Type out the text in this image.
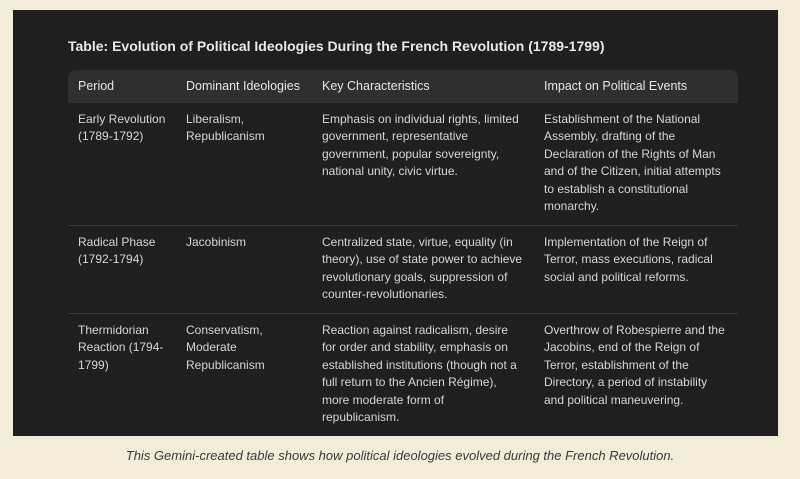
Table: Evolution of Political Ideologies During the French Revolution (1789-1799)
Period	Dominant Ideologies	Key Characteristics	Impact on Political Events
Early Revolution (1789-1792)	Liberalism, Republicanism	Emphasis on individual rights, limited government, representative government, popular sovereignty, national unity, civic virtue.	Establishment of the National Assembly, drafting of the Declaration of the Rights of Man and of the Citizen, initial attempts to establish a constitutional monarchy.
Radical Phase (1792-1794)	Jacobinism	Centralized state, virtue, equality (in theory), use of state power to achieve revolutionary goals, suppression of counter-revolutionaries.	Implementation of the Reign of Terror, mass executions, radical social and political reforms.
Thermidorian Reaction (1794-1799)	Conservatism, Moderate Republicanism	Reaction against radicalism, desire for order and stability, emphasis on established institutions (though not a full return to the Ancien Régime), more moderate form of republicanism.	Overthrow of Robespierre and the Jacobins, end of the Reign of Terror, establishment of the Directory, a period of instability and political maneuvering.
This Gemini-created table shows how political ideologies evolved during the French Revolution.
